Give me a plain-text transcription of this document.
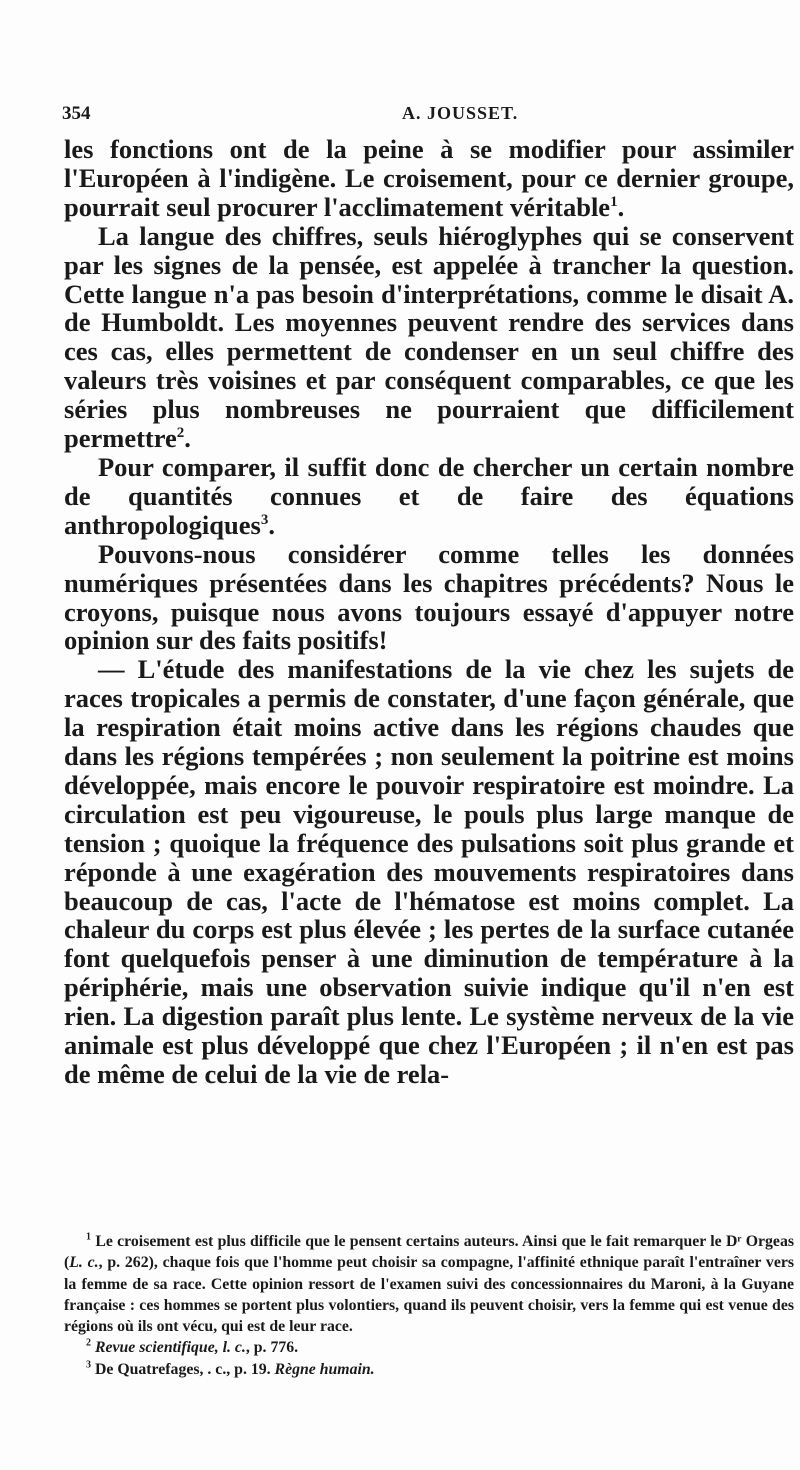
354	A. JOUSSET.

les fonctions ont de la peine à se modifier pour assimiler l'Européen à l'indigène. Le croisement, pour ce dernier groupe, pourrait seul procurer l'acclimatement véritable$^1$.

La langue des chiffres, seuls hiéroglyphes qui se conservent par les signes de la pensée, est appelée à trancher la question. Cette langue n'a pas besoin d'interprétations, comme le disait A. de Humboldt. Les moyennes peuvent rendre des services dans ces cas, elles permettent de condenser en un seul chiffre des valeurs très voisines et par conséquent comparables, ce que les séries plus nombreuses ne pourraient que difficilement permettre$^2$.

Pour comparer, il suffit donc de chercher un certain nombre de quantités connues et de faire des équations anthropologiques$^3$.

Pouvons-nous considérer comme telles les données numériques présentées dans les chapitres précédents? Nous le croyons, puisque nous avons toujours essayé d'appuyer notre opinion sur des faits positifs!

— L'étude des manifestations de la vie chez les sujets de races tropicales a permis de constater, d'une façon générale, que la respiration était moins active dans les régions chaudes que dans les régions tempérées ; non seulement la poitrine est moins développée, mais encore le pouvoir respiratoire est moindre. La circulation est peu vigoureuse, le pouls plus large manque de tension ; quoique la fréquence des pulsations soit plus grande et réponde à une exagération des mouvements respiratoires dans beaucoup de cas, l'acte de l'hématose est moins complet. La chaleur du corps est plus élevée ; les pertes de la surface cutanée font quelquefois penser à une diminution de température à la périphérie, mais une observation suivie indique qu'il n'en est rien. La digestion paraît plus lente. Le système nerveux de la vie animale est plus développé que chez l'Européen ; il n'en est pas de même de celui de la vie de rela-

$^1$ Le croisement est plus difficile que le pensent certains auteurs. Ainsi que le fait remarquer le Dʳ Orgeas (L. c., p. 262), chaque fois que l'homme peut choisir sa compagne, l'affinité ethnique paraît l'entraîner vers la femme de sa race. Cette opinion ressort de l'examen suivi des concessionnaires du Maroni, à la Guyane française : ces hommes se portent plus volontiers, quand ils peuvent choisir, vers la femme qui est venue des régions où ils ont vécu, qui est de leur race.

$^2$ Revue scientifique, l. c., p. 776.

$^3$ De Quatrefages, . c., p. 19. Règne humain.
